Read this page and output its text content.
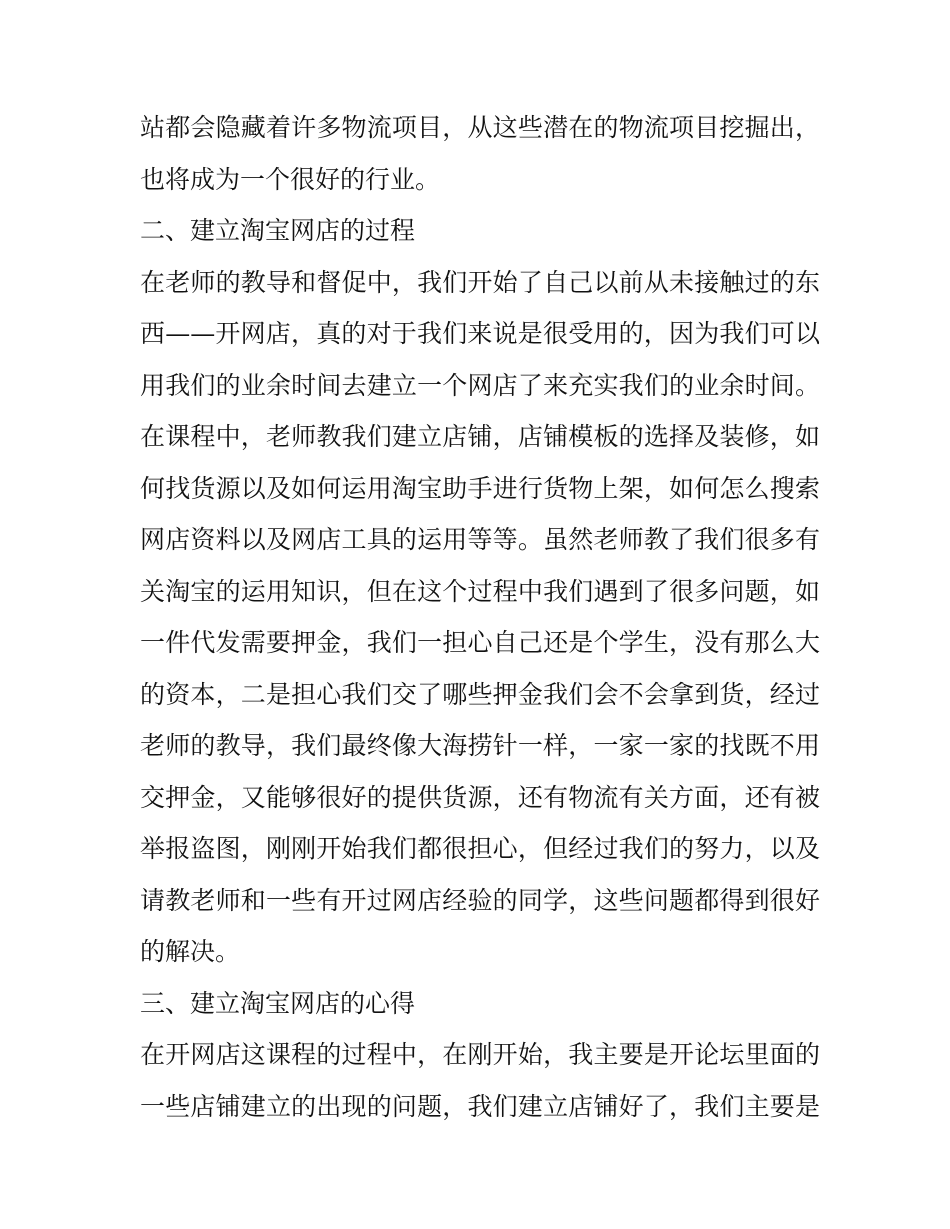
站都会隐藏着许多物流项目，从这些潜在的物流项目挖掘出，
也将成为一个很好的行业。
二、建立淘宝网店的过程
在老师的教导和督促中，我们开始了自己以前从未接触过的东
西——开网店，真的对于我们来说是很受用的，因为我们可以
用我们的业余时间去建立一个网店了来充实我们的业余时间。
在课程中，老师教我们建立店铺，店铺模板的选择及装修，如
何找货源以及如何运用淘宝助手进行货物上架，如何怎么搜索
网店资料以及网店工具的运用等等。虽然老师教了我们很多有
关淘宝的运用知识，但在这个过程中我们遇到了很多问题，如
一件代发需要押金，我们一担心自己还是个学生，没有那么大
的资本，二是担心我们交了哪些押金我们会不会拿到货，经过
老师的教导，我们最终像大海捞针一样，一家一家的找既不用
交押金，又能够很好的提供货源，还有物流有关方面，还有被
举报盗图，刚刚开始我们都很担心，但经过我们的努力，以及
请教老师和一些有开过网店经验的同学，这些问题都得到很好
的解决。
三、建立淘宝网店的心得
在开网店这课程的过程中，在刚开始，我主要是开论坛里面的
一些店铺建立的出现的问题，我们建立店铺好了，我们主要是
